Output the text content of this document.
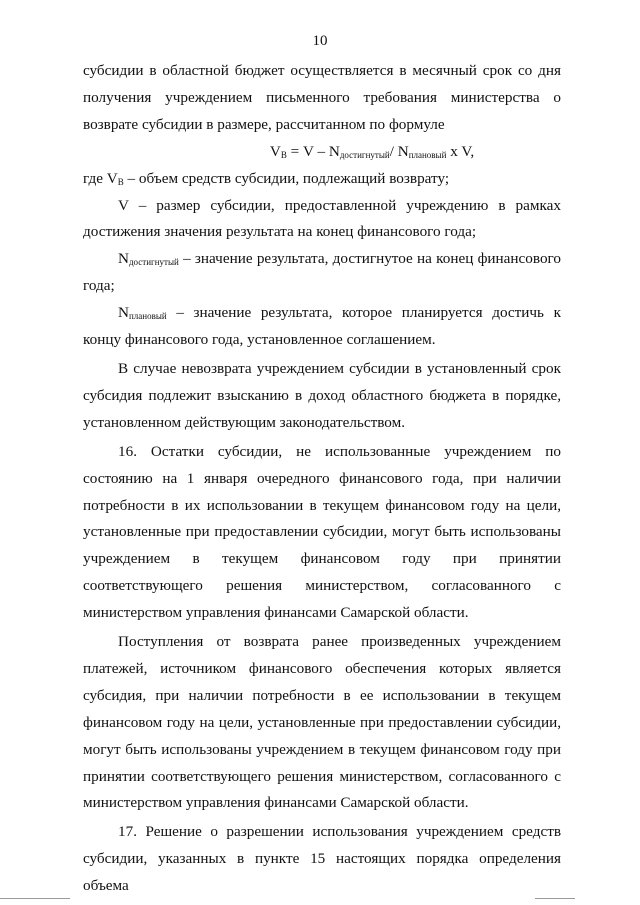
10

субсидии в областной бюджет осуществляется в месячный срок со дня получения учреждением письменного требования министерства о возврате субсидии в размере, рассчитанном по формуле

$V_В = V - N_{достигнутый}/$ $N_{плановый}$ x V,

где $V_В$ – объем средств субсидии, подлежащий возврату;

V – размер субсидии, предоставленной учреждению в рамках достижения значения результата на конец финансового года;

$N_{достигнутый}$ – значение результата, достигнутое на конец финансового года;

$N_{плановый}$ – значение результата, которое планируется достичь к концу финансового года, установленное соглашением.

В случае невозврата учреждением субсидии в установленный срок субсидия подлежит взысканию в доход областного бюджета в порядке, установленном действующим законодательством.

16. Остатки субсидии, не использованные учреждением по состоянию на 1 января очередного финансового года, при наличии потребности в их использовании в текущем финансовом году на цели, установленные при предоставлении субсидии, могут быть использованы учреждением в текущем финансовом году при принятии соответствующего решения министерством, согласованного с министерством управления финансами Самарской области.

Поступления от возврата ранее произведенных учреждением платежей, источником финансового обеспечения которых является субсидия, при наличии потребности в ее использовании в текущем финансовом году на цели, установленные при предоставлении субсидии, могут быть использованы учреждением в текущем финансовом году при принятии соответствующего решения министерством, согласованного с министерством управления финансами Самарской области.

17. Решение о разрешении использования учреждением средств субсидии, указанных в пункте 15 настоящих порядка определения объема
